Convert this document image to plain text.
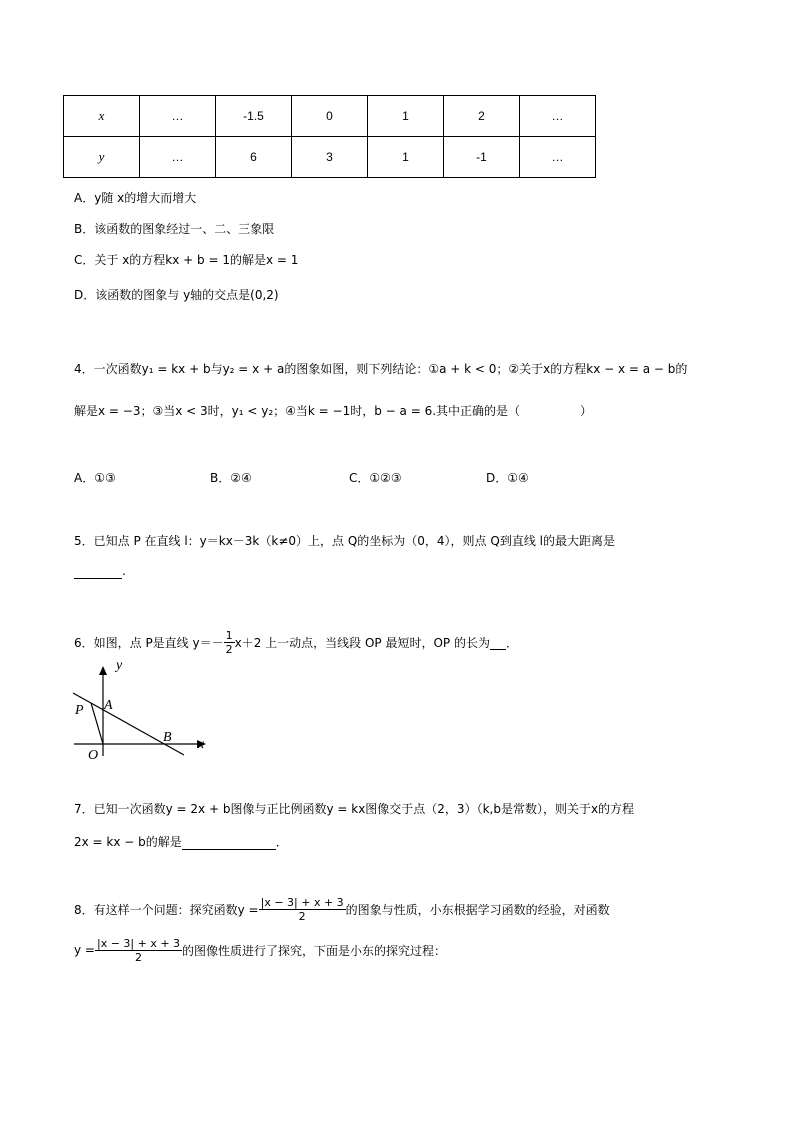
x	…	-1.5	0	1	2	…
y	…	6	3	1	-1	…
A．y随 x的增大而增大
B．该函数的图象经过一、二、三象限
C．关于 x的方程kx + b = 1的解是x = 1
D．该函数的图象与 y轴的交点是(0,2)
4．一次函数y₁ = kx + b与y₂ = x + a的图象如图，则下列结论：①a + k < 0；②关于x的方程kx − x = a − b的
解是x = −3；③当x < 3时，y₁ < y₂；④当k = −1时，b − a = 6.其中正确的是（　　　　　）
A．①③	B．②④	C．①②③	D．①④
5．已知点 P 在直线 l：y＝kx－3k（k≠0）上，点 Q的坐标为（0，4），则点 Q到直线 l的最大距离是
.
6．如图，点 P是直线 $y=- \frac{1}{2} x+2$ 上一动点，当线段 OP 最短时，OP 的长为
．
y
x
O
P A
B
7．已知一次函数y = 2x + b图像与正比例函数y = kx图像交于点（2，3）（k,b是常数），则关于x的方程
2x = kx − b的解是	．
8．有这样一个问题：探究函数$y = \frac{|x - 3| + x + 3}{2}$ 的图象与性质，小东根据学习函数的经验，对函数
$y = \frac{|x - 3| + x + 3}{2}$ 的图像性质进行了探究，下面是小东的探究过程：
